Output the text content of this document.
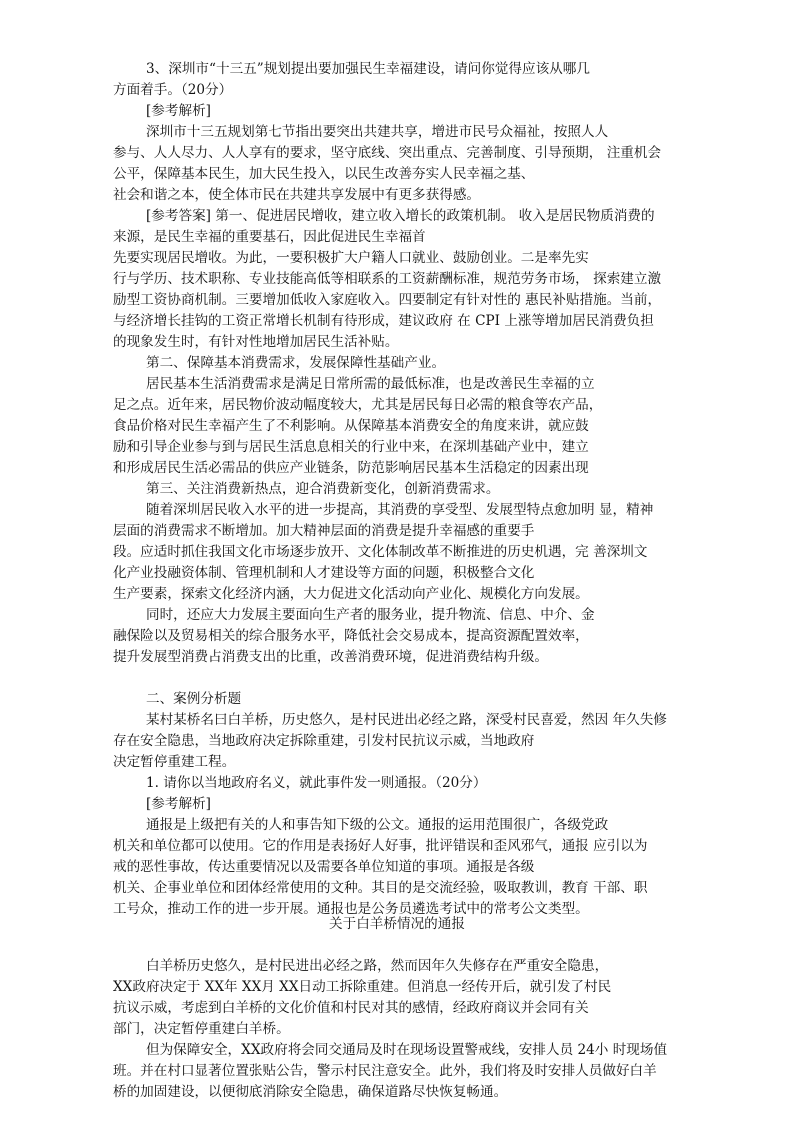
3、深圳市“十三五”规划提出要加强民生幸福建设，请问你觉得应该从哪几
方面着手。（20分）
[参考解析]
深圳市十三五规划第七节指出要突出共建共享，增进市民号众福祉，按照人人
参与、人人尽力、人人享有的要求，坚守底线、突出重点、完善制度、引导预期， 注重机会
公平，保障基本民生，加大民生投入，以民生改善夯实人民幸福之基、
社会和谐之本，使全体市民在共建共享发展中有更多获得感。
[参考答案] 第一、促进居民增收，建立收入增长的政策机制。 收入是居民物质消费的
来源，是民生幸福的重要基石，因此促进民生幸福首
先要实现居民增收。为此，一要积极扩大户籍人口就业、鼓励创业。二是率先实
行与学历、技术职称、专业技能高低等相联系的工资薪酬标准，规范劳务市场， 探索建立激
励型工资协商机制。三要增加低收入家庭收入。四要制定有针对性的 惠民补贴措施。当前，
与经济增长挂钩的工资正常增长机制有待形成，建议政府 在 CPI 上涨等增加居民消费负担
的现象发生时，有针对性地增加居民生活补贴。
第二、保障基本消费需求，发展保障性基础产业。
居民基本生活消费需求是满足日常所需的最低标准，也是改善民生幸福的立
足之点。近年来，居民物价波动幅度较大，尤其是居民每日必需的粮食等农产品，
食品价格对民生幸福产生了不利影响。从保障基本消费安全的角度来讲，就应鼓
励和引导企业参与到与居民生活息息相关的行业中来，在深圳基础产业中，建立
和形成居民生活必需品的供应产业链条，防范影响居民基本生活稳定的因素出现
第三、关注消费新热点，迎合消费新变化，创新消费需求。
随着深圳居民收入水平的进一步提高，其消费的享受型、发展型特点愈加明 显，精神
层面的消费需求不断增加。加大精神层面的消费是提升幸福感的重要手
段。应适时抓住我国文化市场逐步放开、文化体制改革不断推进的历史机遇，完 善深圳文
化产业投融资体制、管理机制和人才建设等方面的问题，积极整合文化
生产要素，探索文化经济内涵，大力促进文化活动向产业化、规模化方向发展。
同时，还应大力发展主要面向生产者的服务业，提升物流、信息、中介、金
融保险以及贸易相关的综合服务水平，降低社会交易成本，提高资源配置效率，
提升发展型消费占消费支出的比重，改善消费环境，促进消费结构升级。
二、案例分析题
某村某桥名曰白羊桥，历史悠久，是村民进出必经之路，深受村民喜爱，然因 年久失修
存在安全隐患，当地政府决定拆除重建，引发村民抗议示威，当地政府
决定暂停重建工程。
1. 请你以当地政府名义，就此事件发一则通报。（20分）
[参考解析]
通报是上级把有关的人和事告知下级的公文。通报的运用范围很广，各级党政
机关和单位都可以使用。它的作用是表扬好人好事，批评错误和歪风邪气，通报 应引以为
戒的恶性事故，传达重要情况以及需要各单位知道的事项。通报是各级
机关、企事业单位和团体经常使用的文种。其目的是交流经验，吸取教训，教育 干部、职
工号众，推动工作的进一步开展。通报也是公务员遴选考试中的常考公文类型。
关于白羊桥情况的通报
白羊桥历史悠久，是村民进出必经之路，然而因年久失修存在严重安全隐患，
XX政府决定于 XX年 XX月 XX日动工拆除重建。但消息一经传开后，就引发了村民
抗议示威，考虑到白羊桥的文化价值和村民对其的感情，经政府商议并会同有关
部门，决定暂停重建白羊桥。
但为保障安全，XX政府将会同交通局及时在现场设置警戒线，安排人员 24小 时现场值
班。并在村口显著位置张贴公告，警示村民注意安全。此外，我们将及时安排人员做好白羊
桥的加固建设，以便彻底消除安全隐患，确保道路尽快恢复畅通。
